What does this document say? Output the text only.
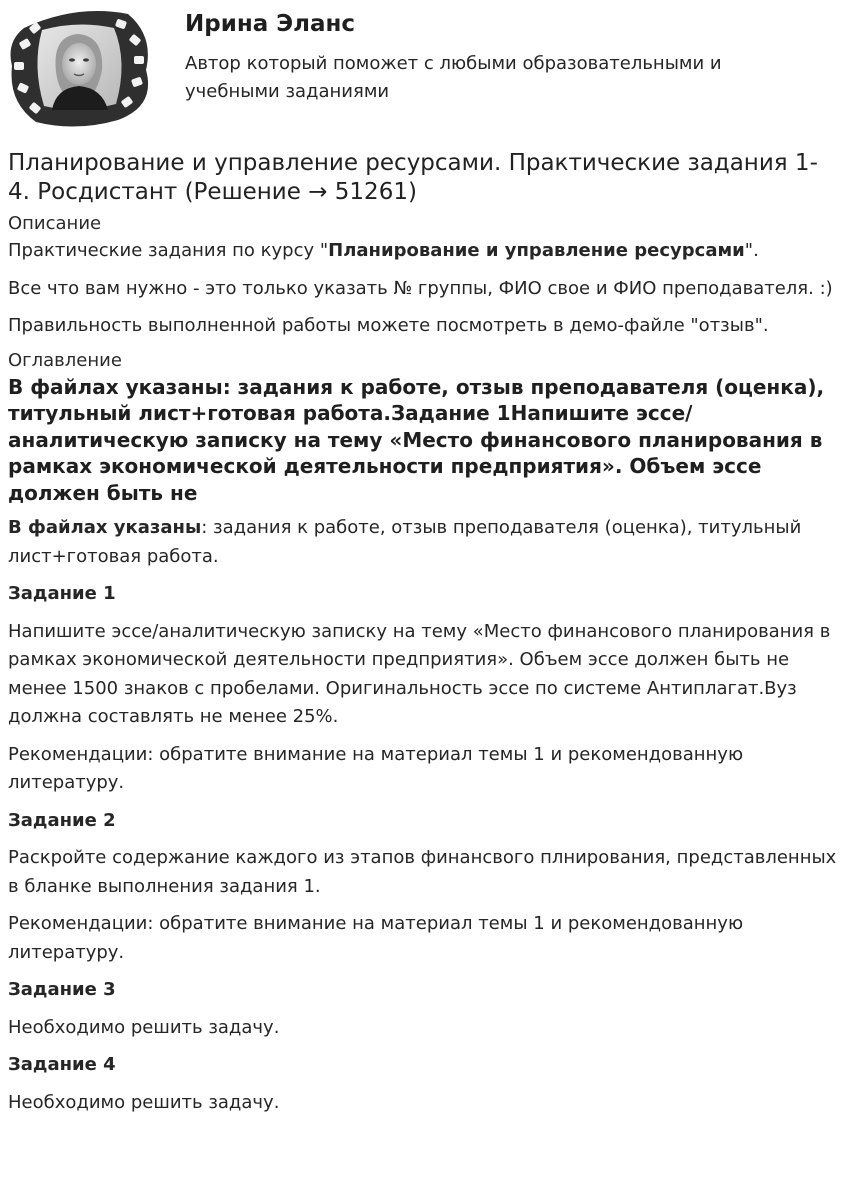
Ирина Эланс

Автор который поможет с любыми образовательными и учебными заданиями

Планирование и управление ресурсами. Практические задания 1-4. Росдистант (Решение → 51261)
Описание

Практические задания по курсу "Планирование и управление ресурсами".

Все что вам нужно - это только указать № группы, ФИО свое и ФИО преподавателя. :)

Правильность выполненной работы можете посмотреть в демо-файле "отзыв".

Оглавление
В файлах указаны: задания к работе, отзыв преподавателя (оценка), титульный лист+готовая работа.Задание 1Напишите эссе/аналитическую записку на тему «Место финансового планирования в рамках экономической деятельности предприятия». Объем эссе должен быть не

В файлах указаны: задания к работе, отзыв преподавателя (оценка), титульный лист+готовая работа.

Задание 1

Напишите эссе/аналитическую записку на тему «Место финансового планирования в рамках экономической деятельности предприятия». Объем эссе должен быть не менее 1500 знаков с пробелами. Оригинальность эссе по системе Антиплагат.Вуз должна составлять не менее 25%.

Рекомендации: обратите внимание на материал темы 1 и рекомендованную литературу.

Задание 2

Раскройте содержание каждого из этапов финансвого плнирования, представленных в бланке выполнения задания 1.

Рекомендации: обратите внимание на материал темы 1 и рекомендованную литературу.

Задание 3

Необходимо решить задачу.

Задание 4

Необходимо решить задачу.
